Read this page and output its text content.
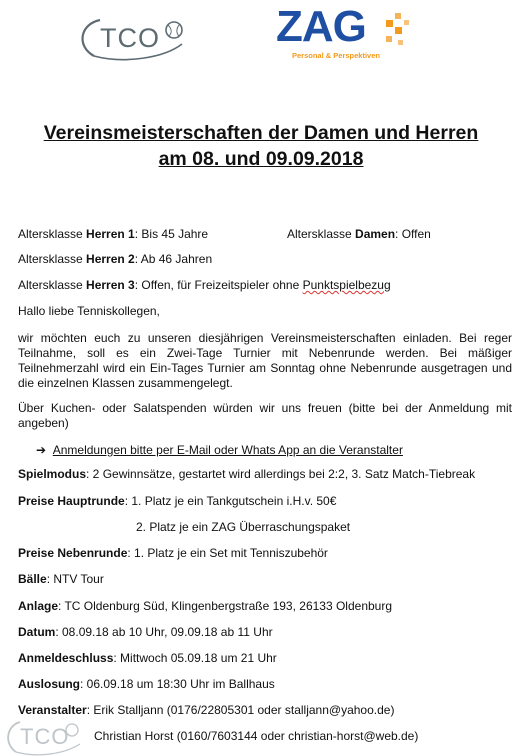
TCO	ZAG
Personal & Perspektiven
Vereinsmeisterschaften der Damen und Herren
am 08. und 09.09.2018
Altersklasse Herren 1: Bis 45 Jahre	Altersklasse Damen: Offen
Altersklasse Herren 2: Ab 46 Jahren
Altersklasse Herren 3: Offen, für Freizeitspieler ohne Punktspielbezug
Hallo liebe Tenniskollegen,
wir möchten euch zu unseren diesjährigen Vereinsmeisterschaften einladen. Bei reger Teilnahme, soll es ein Zwei-Tage Turnier mit Nebenrunde werden. Bei mäßiger Teilnehmerzahl wird ein Ein-Tages Turnier am Sonntag ohne Nebenrunde ausgetragen und die einzelnen Klassen zusammengelegt.
Über Kuchen- oder Salatspenden würden wir uns freuen (bitte bei der Anmeldung mit angeben)
➔ Anmeldungen bitte per E-Mail oder Whats App an die Veranstalter
Spielmodus: 2 Gewinnsätze, gestartet wird allerdings bei 2:2, 3. Satz Match-Tiebreak
Preise Hauptrunde: 1. Platz je ein Tankgutschein i.H.v. 50€
2. Platz je ein ZAG Überraschungspaket
Preise Nebenrunde: 1. Platz je ein Set mit Tenniszubehör
Bälle: NTV Tour
Anlage: TC Oldenburg Süd, Klingenbergstraße 193, 26133 Oldenburg
Datum: 08.09.18 ab 10 Uhr, 09.09.18 ab 11 Uhr
Anmeldeschluss: Mittwoch 05.09.18 um 21 Uhr
Auslosung: 06.09.18 um 18:30 Uhr im Ballhaus
Veranstalter: Erik Stalljann (0176/22805301 oder stalljann@yahoo.de)
Christian Horst (0160/7603144 oder christian-horst@web.de)
TCO
